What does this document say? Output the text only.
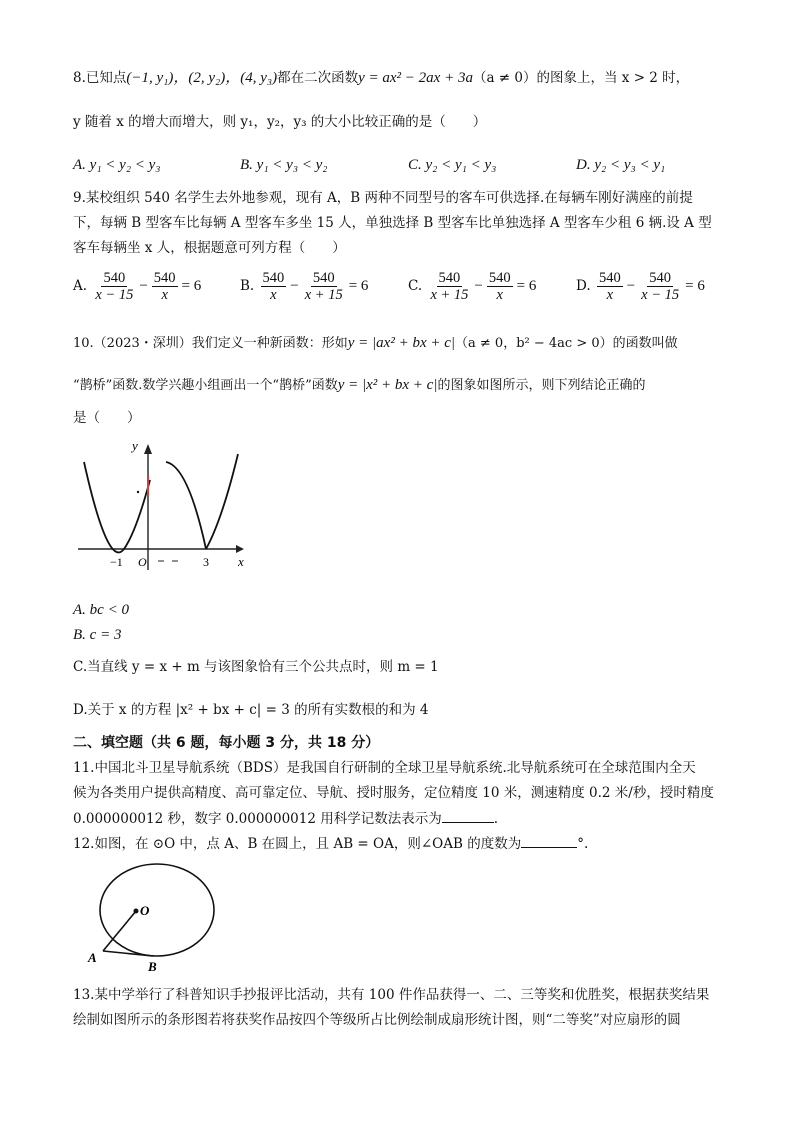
8.已知点(−1, y₁)，(2, y₂)，(4, y₃)都在二次函数y = ax² − 2ax + 3a（a ≠ 0）的图象上，当 x > 2 时，
y 随着 x 的增大而增大，则 y₁，y₂，y₃ 的大小比较正确的是（　　）
A. y₁ < y₂ < y₃	B. y₁ < y₃ < y₂	C. y₂ < y₁ < y₃	D. y₂ < y₃ < y₁
9.某校组织 540 名学生去外地参观，现有 A，B 两种不同型号的客车可供选择.在每辆车刚好满座的前提
下，每辆 B 型客车比每辆 A 型客车多坐 15 人，单独选择 B 型客车比单独选择 A 型客车少租 6 辆.设 A 型
客车每辆坐 x 人，根据题意可列方程（　　）
A. $\frac{540}{x - 15} - \frac{540}{x} = 6$	B. $\frac{540}{x} - \frac{540}{x + 15} = 6$	C. $\frac{540}{x + 15} - \frac{540}{x} = 6$	D. $\frac{540}{x} - \frac{540}{x - 15} = 6$
10.（2023・深圳）我们定义一种新函数：形如y = |ax² + bx + c|（a ≠ 0，b² − 4ac > 0）的函数叫做
“鹊桥”函数.数学兴趣小组画出一个“鹊桥”函数y = |x² + bx + c|的图象如图所示，则下列结论正确的
是（　　）
y
x
−1 O	3
A. bc < 0
B. c = 3
C.当直线 y = x + m 与该图象恰有三个公共点时，则 m = 1
D.关于 x 的方程 |x² + bx + c| = 3 的所有实数根的和为 4
二、填空题（共 6 题，每小题 3 分，共 18 分）
11.中国北斗卫星导航系统（BDS）是我国自行研制的全球卫星导航系统.北导航系统可在全球范围内全天
候为各类用户提供高精度、高可靠定位、导航、授时服务，定位精度 10 米，测速精度 0.2 米/秒，授时精度
0.000000012 秒，数字 0.000000012 用科学记数法表示为	.
12.如图，在 ⊙O 中，点 A、B 在圆上，且 AB = OA，则∠OAB 的度数为	°.
O
A
B
13.某中学举行了科普知识手抄报评比活动，共有 100 件作品获得一、二、三等奖和优胜奖，根据获奖结果
绘制如图所示的条形图若将获奖作品按四个等级所占比例绘制成扇形统计图，则“二等奖”对应扇形的圆
